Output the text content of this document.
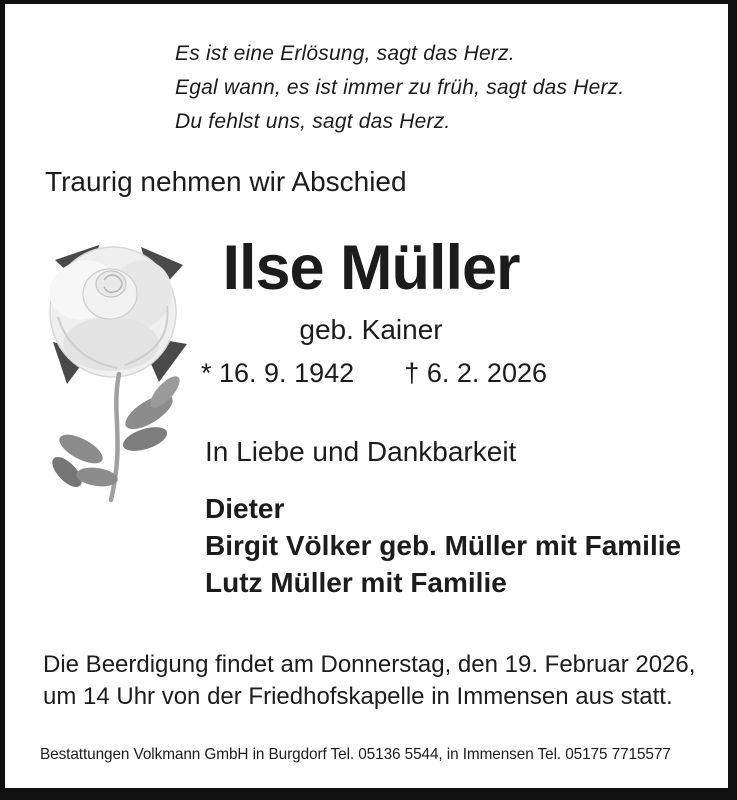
Es ist eine Erlösung, sagt das Herz.
Egal wann, es ist immer zu früh, sagt das Herz.
Du fehlst uns, sagt das Herz.
Traurig nehmen wir Abschied
Ilse Müller
geb. Kainer
* 16. 9. 1942 † 6. 2. 2026
In Liebe und Dankbarkeit
Dieter
Birgit Völker geb. Müller mit Familie
Lutz Müller mit Familie
Die Beerdigung findet am Donnerstag, den 19. Februar 2026,
um 14 Uhr von der Friedhofskapelle in Immensen aus statt.
Bestattungen Volkmann GmbH in Burgdorf Tel. 05136 5544, in Immensen Tel. 05175 7715577
